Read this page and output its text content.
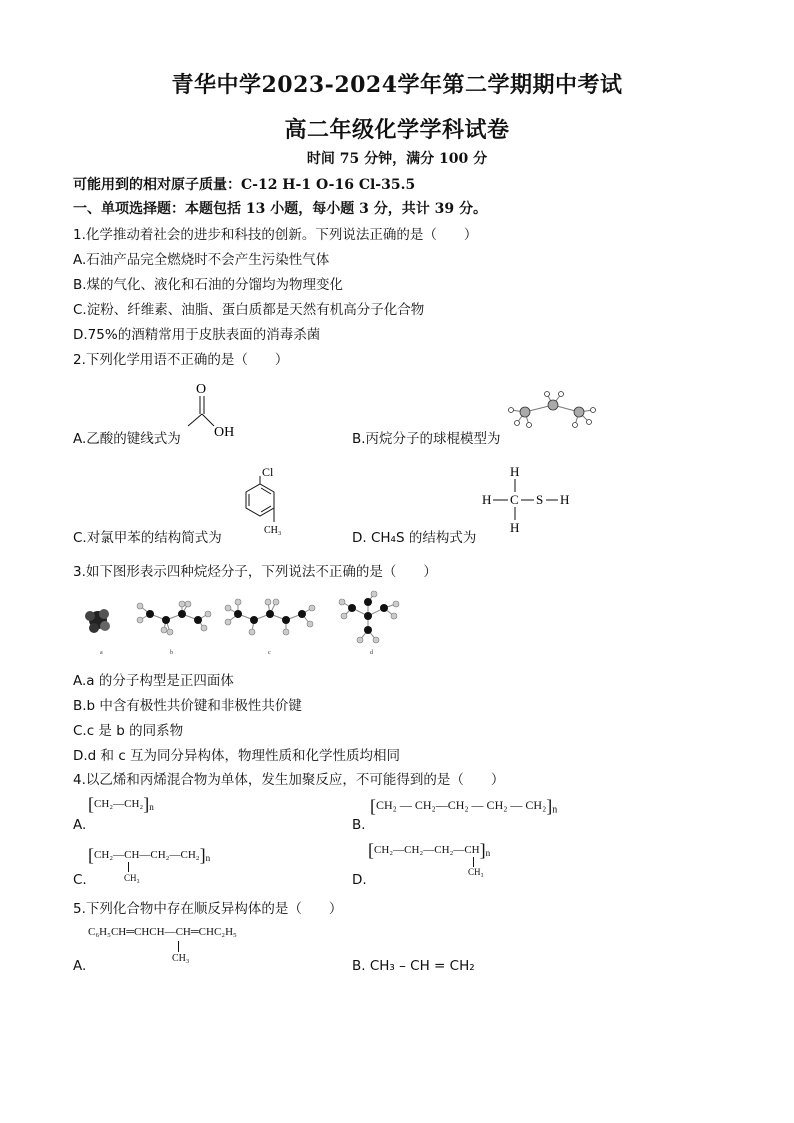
青华中学2023-2024学年第二学期期中考试
高二年级化学学科试卷
时间 75 分钟，满分 100 分
可能用到的相对原子质量：C-12 H-1 O-16 Cl-35.5
一、单项选择题：本题包括 13 小题，每小题 3 分，共计 39 分。
1.化学推动着社会的进步和科技的创新。下列说法正确的是（　　）
A.石油产品完全燃烧时不会产生污染性气体
B.煤的气化、液化和石油的分馏均为物理变化
C.淀粉、纤维素、油脂、蛋白质都是天然有机高分子化合物
D.75%的酒精常用于皮肤表面的消毒杀菌
2.下列化学用语不正确的是（　　）
A.乙酸的键线式为
O
OH	B.丙烷分子的球棍模型为
C.对氯甲苯的结构简式为
Cl
CH₃	D. CH₄S 的结构式为
H
H C S H
H
3.如下图形表示四种烷烃分子，下列说法不正确的是（　　）
a	b	c	d
A.a 的分子构型是正四面体
B.b 中含有极性共价键和非极性共价键
C.c 是 b 的同系物
D.d 和 c 互为同分异构体，物理性质和化学性质均相同
4.以乙烯和丙烯混合物为单体，发生加聚反应，不可能得到的是（　　）
A.
$[CH_2—CH_2]_n$
B.
[CH₂ — CH₂—CH₂ — CH₂ — $CH_2]_n$
C.
$[CH_2—CH—CH_2—CH_2]_n$
CH₃	D.
$[CH_2—CH_2—CH_2—CH]_n$
CH₃
5.下列化合物中存在顺反异构体的是（　　）
C₆H₅CH═CHCH—CH═CHC₂H₅
CH₃
A.	B. CH₃ – CH = CH₂
